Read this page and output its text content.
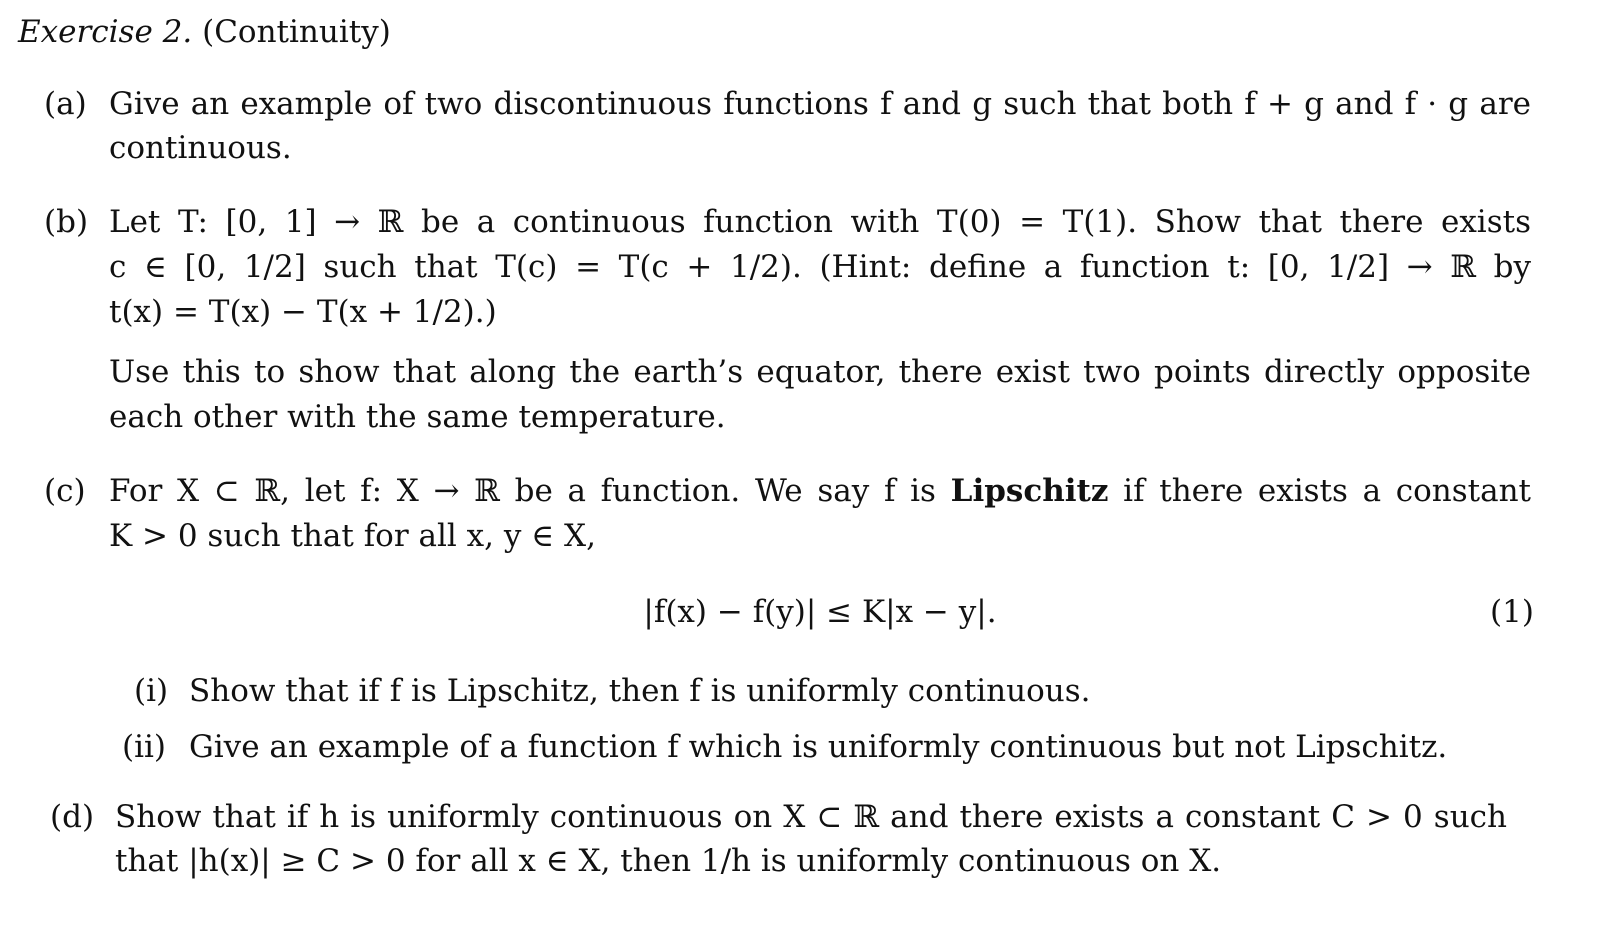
Exercise 2. (Continuity)
(a) Give an example of two discontinuous functions f and g such that both f + g and f · g are
continuous.
(b) Let T: [0, 1] → ℝ be a continuous function with T(0) = T(1). Show that there exists
c ∈ [0, 1/2] such that T(c) = T(c + 1/2). (Hint: define a function t: [0, 1/2] → ℝ by
t(x) = T(x) − T(x + 1/2).)
Use this to show that along the earth’s equator, there exist two points directly opposite
each other with the same temperature.
(c) For X ⊂ ℝ, let f: X → ℝ be a function. We say f is Lipschitz if there exists a constant
K > 0 such that for all x, y ∈ X,
|f(x) − f(y)| ≤ K|x − y|.	(1)
(i) Show that if f is Lipschitz, then f is uniformly continuous.
(ii) Give an example of a function f which is uniformly continuous but not Lipschitz.
(d) Show that if h is uniformly continuous on X ⊂ ℝ and there exists a constant C > 0 such
that |h(x)| ≥ C > 0 for all x ∈ X, then 1/h is uniformly continuous on X.
